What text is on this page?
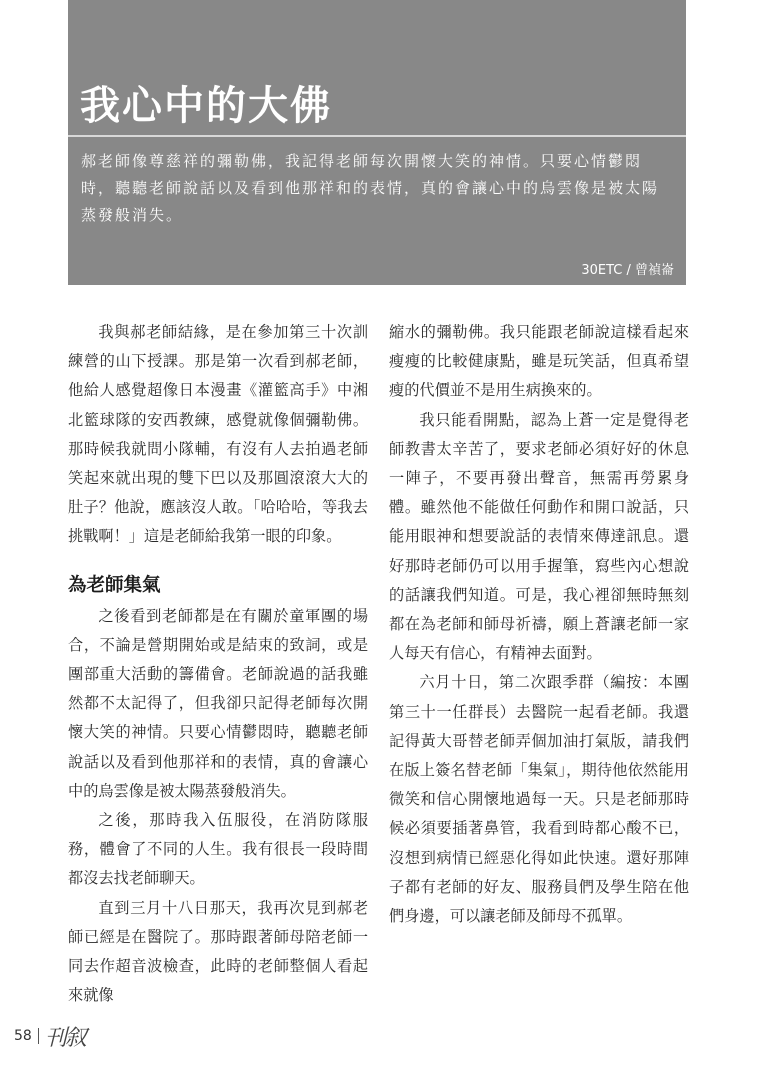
我心中的大佛

郝老師像尊慈祥的彌勒佛，我記得老師每次開懷大笑的神情。只要心情鬱悶時，聽聽老師說話以及看到他那祥和的表情，真的會讓心中的烏雲像是被太陽蒸發般消失。

30ETC / 曾禎崙

我與郝老師結緣，是在參加第三十次訓練營的山下授課。那是第一次看到郝老師，他給人感覺超像日本漫畫《灌籃高手》中湘北籃球隊的安西教練，感覺就像個彌勒佛。那時候我就問小隊輔，有沒有人去拍過老師笑起來就出現的雙下巴以及那圓滾滾大大的肚子？他說，應該沒人敢。「哈哈哈，等我去挑戰啊！」這是老師給我第一眼的印象。

為老師集氣

之後看到老師都是在有關於童軍團的場合，不論是營期開始或是結束的致詞，或是團部重大活動的籌備會。老師說過的話我雖然都不太記得了，但我卻只記得老師每次開懷大笑的神情。只要心情鬱悶時，聽聽老師說話以及看到他那祥和的表情，真的會讓心中的烏雲像是被太陽蒸發般消失。

之後，那時我入伍服役，在消防隊服務，體會了不同的人生。我有很長一段時間都沒去找老師聊天。

直到三月十八日那天，我再次見到郝老師已經是在醫院了。那時跟著師母陪老師一同去作超音波檢查，此時的老師整個人看起來就像

縮水的彌勒佛。我只能跟老師說這樣看起來瘦瘦的比較健康點，雖是玩笑話，但真希望瘦的代價並不是用生病換來的。

我只能看開點，認為上蒼一定是覺得老師教書太辛苦了，要求老師必須好好的休息一陣子，不要再發出聲音，無需再勞累身體。雖然他不能做任何動作和開口說話，只能用眼神和想要說話的表情來傳達訊息。還好那時老師仍可以用手握筆，寫些內心想說的話讓我們知道。可是，我心裡卻無時無刻都在為老師和師母祈禱，願上蒼讓老師一家人每天有信心，有精神去面對。

六月十日，第二次跟季群（編按：本團第三十一任群長）去醫院一起看老師。我還記得黃大哥替老師弄個加油打氣版，請我們在版上簽名替老師「集氣」，期待他依然能用微笑和信心開懷地過每一天。只是老師那時候必須要插著鼻管，我看到時都心酸不已，沒想到病情已經惡化得如此快速。還好那陣子都有老師的好友、服務員們及學生陪在他們身邊，可以讓老師及師母不孤單。

58 刊叙
